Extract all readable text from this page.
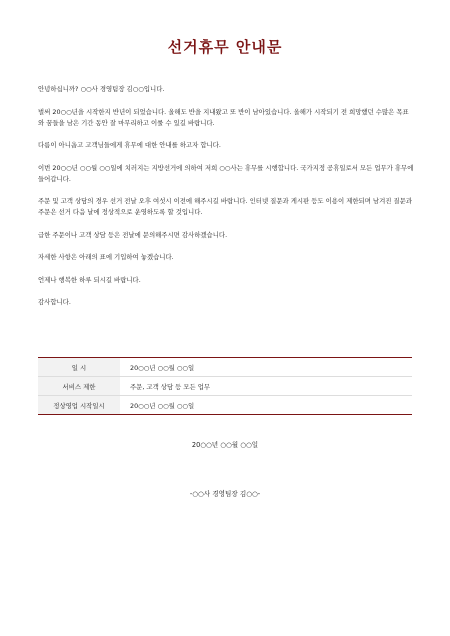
선거휴무 안내문

안녕하십니까? ○○사 경영팀장 김○○입니다.

벌써 20○○년을 시작한지 반년이 되었습니다. 올해도 반을 지내왔고 또 반이 남아있습니다. 올해가 시작되기 전 희망했던 수많은 목표와 꿈들을 남은 기간 동안 잘 마무리하고 이룰 수 있길 바랍니다.

다름이 아니옵고 고객님들에게 휴무에 대한 안내를 하고자 합니다.

이번 20○○년 ○○월 ○○일에 치러지는 지방선거에 의하여 저희 ○○사는 휴무를 시행합니다. 국가지정 공휴일로서 모든 업무가 휴무에 들어갑니다.

주문 및 고객 상담의 경우 선거 전날 오후 여섯시 이전에 해주시길 바랍니다. 인터넷 질문과 게시판 등도 이용이 제한되며 남겨진 질문과 주문은 선거 다음 날에 정상적으로 운영하도록 할 것입니다.

급한 주문이나 고객 상담 등은 전날에 문의해주시면 감사하겠습니다.

자세한 사항은 아래의 표에 기입하여 놓겠습니다.

언제나 행복한 하루 되시길 바랍니다.

감사합니다.

일 시	20○○년 ○○월 ○○일
서비스 제한	주문, 고객 상담 등 모든 업무
정상영업 시작일시	20○○년 ○○월 ○○일
20○○년 ○○월 ○○일
-○○사 경영팀장 김○○-
